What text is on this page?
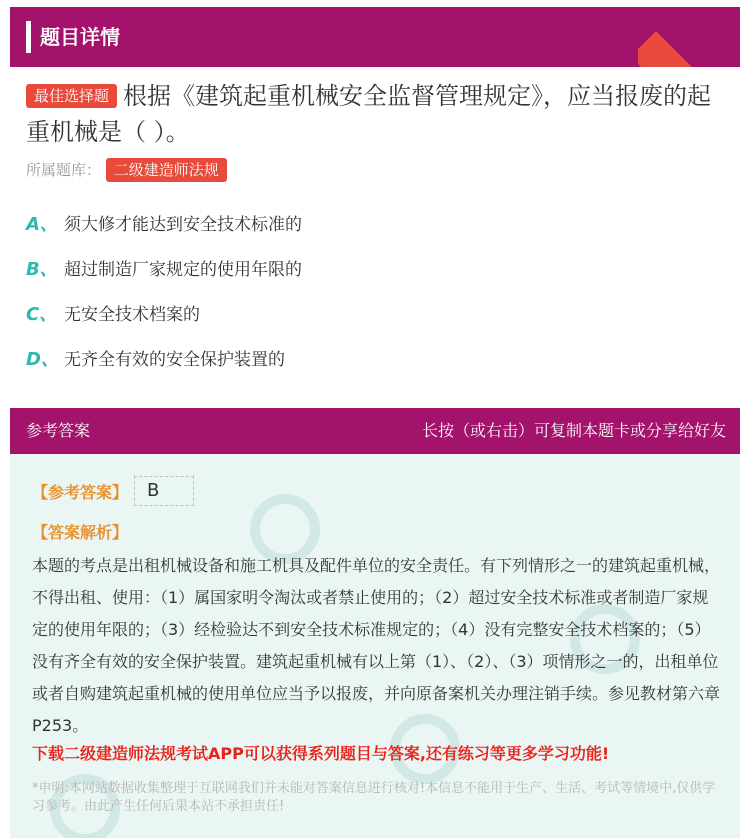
题目详情
最佳选择题 根据《建筑起重机械安全监督管理规定》，应当报废的起重机械是（ ）。
所属题库： 二级建造师法规
A、 须大修才能达到安全技术标准的
B、 超过制造厂家规定的使用年限的
C、 无安全技术档案的
D、 无齐全有效的安全保护装置的
参考答案	长按（或右击）可复制本题卡或分享给好友
【参考答案】	B
【答案解析】
本题的考点是出租机械设备和施工机具及配件单位的安全责任。有下列情形之一的建筑起重机械，不得出租、使用：（1）属国家明令淘汰或者禁止使用的；（2）超过安全技术标准或者制造厂家规定的使用年限的；（3）经检验达不到安全技术标准规定的；（4）没有完整安全技术档案的；（5）没有齐全有效的安全保护装置。建筑起重机械有以上第（1）、（2）、（3）项情形之一的，出租单位或者自购建筑起重机械的使用单位应当予以报废，并向原备案机关办理注销手续。参见教材第六章P253。
下载二级建造师法规考试APP可以获得系列题目与答案,还有练习等更多学习功能!
*申明:本网站数据收集整理于互联网我们并未能对答案信息进行核对!本信息不能用于生产、生活、考试等情境中,仅供学习参考。由此产生任何后果本站不承担责任!
